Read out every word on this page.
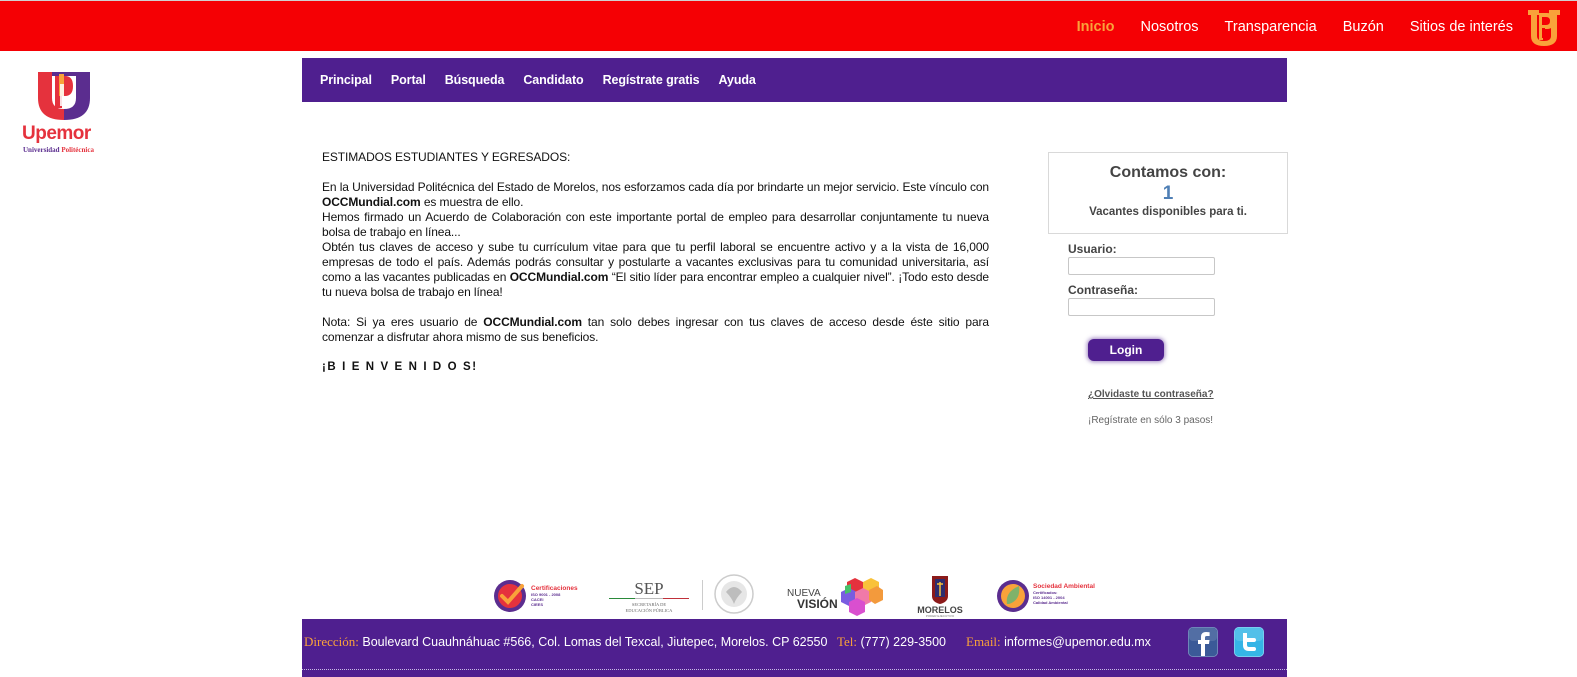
Inicio Nosotros Transparencia Buzón Sitios de interés
Upemor
Universidad Politécnica
Principal Portal Búsqueda Candidato Regístrate gratis Ayuda

ESTIMADOS ESTUDIANTES Y EGRESADOS:

En la Universidad Politécnica del Estado de Morelos, nos esforzamos cada día por brindarte un mejor servicio. Este vínculo con OCCMundial.com es muestra de ello.

Hemos firmado un Acuerdo de Colaboración con este importante portal de empleo para desarrollar conjuntamente tu nueva bolsa de trabajo en línea...

Obtén tus claves de acceso y sube tu currículum vitae para que tu perfil laboral se encuentre activo y a la vista de 16,000 empresas de todo el país. Además podrás consultar y postularte a vacantes exclusivas para tu comunidad universitaria, así como a las vacantes publicadas en OCCMundial.com “El sitio líder para encontrar empleo a cualquier nivel”. ¡Todo esto desde tu nueva bolsa de trabajo en línea!

Nota: Si ya eres usuario de OCCMundial.com tan solo debes ingresar con tus claves de acceso desde éste sitio para comenzar a disfrutar ahora mismo de sus beneficios.

¡B I E N V E N I D O S!

Contamos con:
1
Vacantes disponibles para ti.
Usuario:
Contraseña:
Login
¿Olvidaste tu contraseña?
¡Regístrate en sólo 3 pasos!
Certificaciones
ISO 9001 - 2008
CACEI
CIEES
SEP
SECRETARÍA DE
EDUCACIÓN PÚBLICA
NUEVA
VISIÓN	MORELOS
PODER EJECUTIVO
Sociedad Ambiental
Certificados:
ISO 14001 - 2004
Calidad Ambiental
Dirección: Boulevard Cuauhnáhuac #566, Col. Lomas del Texcal, Jiutepec, Morelos. CP 62550 Tel: (777) 229-3500 Email: informes@upemor.edu.mx
